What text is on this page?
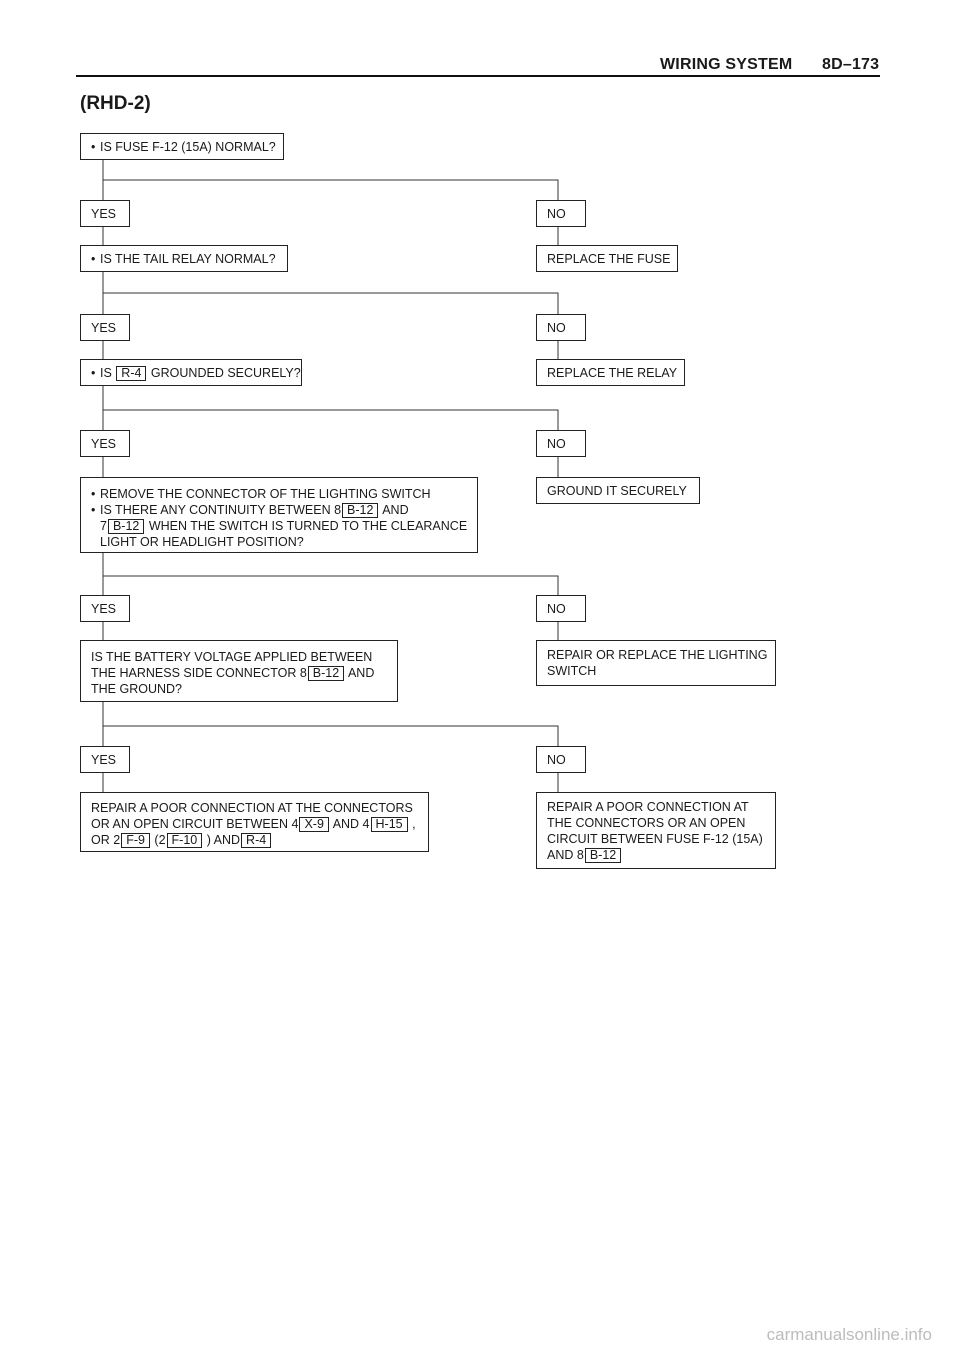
WIRING SYSTEM 8D–173
(RHD-2)
• IS FUSE F-12 (15A) NORMAL?
YES	NO
REPLACE THE FUSE
• IS THE TAIL RELAY NORMAL?
YES	NO
REPLACE THE RELAY
• IS R-4 GROUNDED SECURELY?
YES	NO
GROUND IT SECURELY
• REMOVE THE CONNECTOR OF THE LIGHTING SWITCH
• IS THERE ANY CONTINUITY BETWEEN 8 B-12 AND
7 B-12 WHEN THE SWITCH IS TURNED TO THE CLEARANCE
LIGHT OR HEADLIGHT POSITION?
YES	NO
REPAIR OR REPLACE THE LIGHTING
SWITCH
IS THE BATTERY VOLTAGE APPLIED BETWEEN
THE HARNESS SIDE CONNECTOR 8 B-12 AND
THE GROUND?
YES	NO
REPAIR A POOR CONNECTION AT THE CONNECTORS
OR AN OPEN CIRCUIT BETWEEN 4 X-9 AND 4 H-15 ,
OR 2 F-9 (2 F-10 ) AND R-4
REPAIR A POOR CONNECTION AT
THE CONNECTORS OR AN OPEN
CIRCUIT BETWEEN FUSE F-12 (15A)
AND 8 B-12
carmanualsonline.info
